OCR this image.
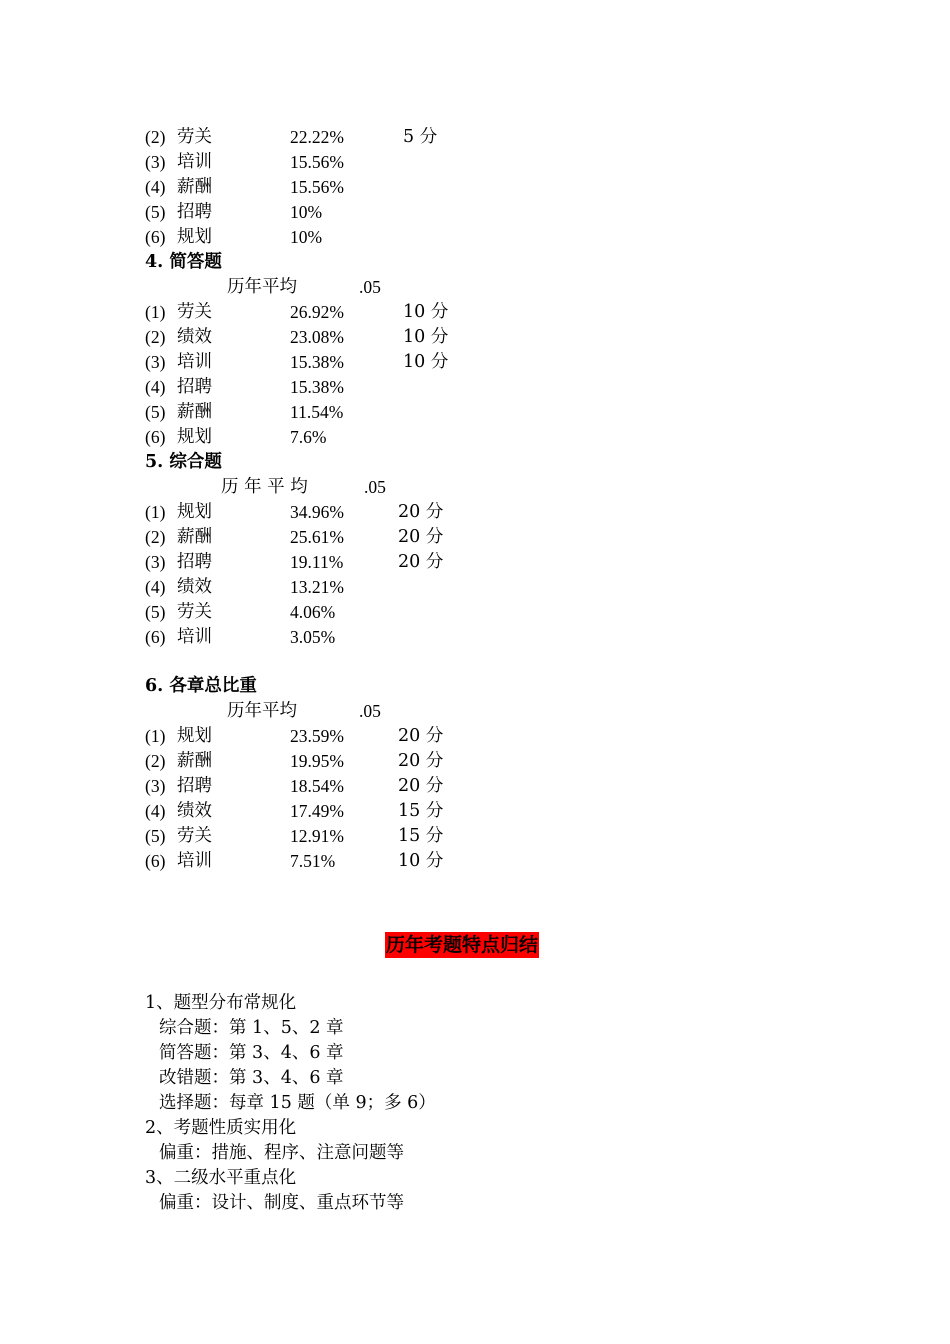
(2) 劳关	22.22%	5 分
(3) 培训	15.56%
(4) 薪酬	15.56%
(5) 招聘	10%
(6) 规划	10%
4. 简答题
历年平均	.05
(1) 劳关	26.92%	10 分
(2) 绩效	23.08%	10 分
(3) 培训	15.38%	10 分
(4) 招聘	15.38%
(5) 薪酬	11.54%
(6) 规划	7.6%
5. 综合题
历 年 平 均	.05
(1) 规划	34.96%	20 分
(2) 薪酬	25.61%	20 分
(3) 招聘	19.11%	20 分
(4) 绩效	13.21%
(5) 劳关	4.06%
(6) 培训	3.05%
6. 各章总比重
历年平均	.05
(1) 规划	23.59%	20 分
(2) 薪酬	19.95%	20 分
(3) 招聘	18.54%	20 分
(4) 绩效	17.49%	15 分
(5) 劳关	12.91%	15 分
(6) 培训	7.51%	10 分
历年考题特点归结
1、题型分布常规化
综合题：第 1、5、2 章
简答题：第 3、4、6 章
改错题：第 3、4、6 章
选择题：每章 15 题（单 9；多 6）
2、考题性质实用化
偏重：措施、程序、注意问题等
3、二级水平重点化
偏重：设计、制度、重点环节等
